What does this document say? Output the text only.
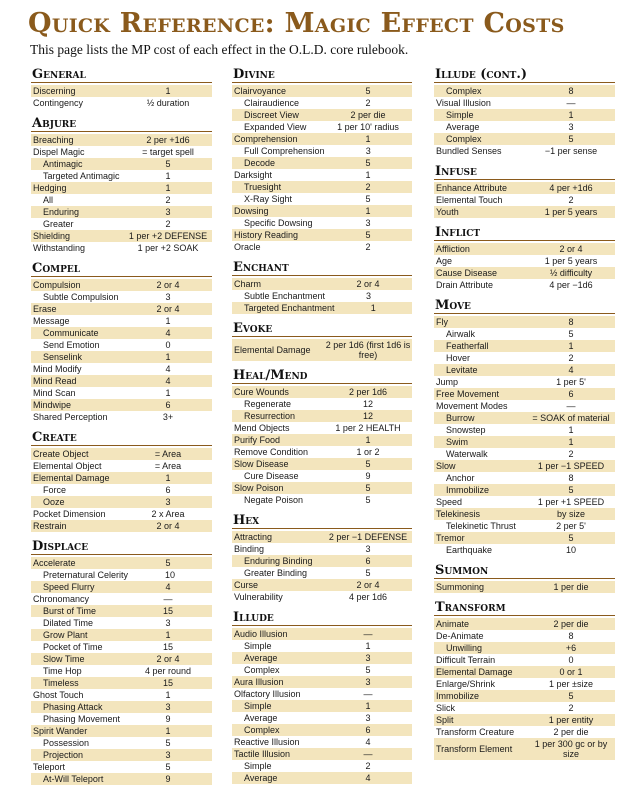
Quick Reference: Magic Effect Costs

This page lists the MP cost of each effect in the O.L.D. core rulebook.

General
Discerning	1
Contingency	½ duration
Abjure
Breaching	2 per +1d6
Dispel Magic	= target spell
Antimagic	5
Targeted Antimagic	1
Hedging	1
All	2
Enduring	3
Greater	2
Shielding	1 per +2 DEFENSE
Withstanding	1 per +2 SOAK
Compel
Compulsion	2 or 4
Subtle Compulsion	3
Erase	2 or 4
Message	1
Communicate	4
Send Emotion	0
Senselink	1
Mind Modify	4
Mind Read	4
Mind Scan	1
Mindwipe	6
Shared Perception	3+
Create
Create Object	= Area
Elemental Object	= Area
Elemental Damage	1
Force	6
Ooze	3
Pocket Dimension	2 x Area
Restrain	2 or 4
Displace
Accelerate	5
Preternatural Celerity	10
Speed Flurry	4
Chronomancy	—
Burst of Time	15
Dilated Time	3
Grow Plant	1
Pocket of Time	15
Slow Time	2 or 4
Time Hop	4 per round
Timeless	15
Ghost Touch	1
Phasing Attack	3
Phasing Movement	9
Spirit Wander	1
Possession	5
Projection	3
Teleport	5
At-Will Teleport	9
Divine
Clairvoyance	5
Clairaudience	2
Discreet View	2 per die
Expanded View	1 per 10' radius
Comprehension	1
Full Comprehension	3
Decode	5
Darksight	1
Truesight	2
X-Ray Sight	5
Dowsing	1
Specific Dowsing	3
History Reading	5
Oracle	2
Enchant
Charm	2 or 4
Subtle Enchantment	3
Targeted Enchantment	1
Evoke
Elemental Damage 2 per 1d6 (first 1d6 is free)
Heal/Mend
Cure Wounds	2 per 1d6
Regenerate	12
Resurrection	12
Mend Objects	1 per 2 HEALTH
Purify Food	1
Remove Condition	1 or 2
Slow Disease	5
Cure Disease	9
Slow Poison	5
Negate Poison	5
Hex
Attracting	2 per −1 DEFENSE
Binding	3
Enduring Binding	6
Greater Binding	5
Curse	2 or 4
Vulnerability	4 per 1d6
Illude
Audio Illusion	—
Simple	1
Average	3
Complex	5
Aura Illusion	3
Olfactory Illusion	—
Simple	1
Average	3
Complex	6
Reactive Illusion	4
Tactile Illusion	—
Simple	2
Average	4
Illude (cont.)
Complex	8
Visual Illusion	—
Simple	1
Average	3
Complex	5
Bundled Senses	−1 per sense
Infuse
Enhance Attribute	4 per +1d6
Elemental Touch	2
Youth	1 per 5 years
Inflict
Affliction	2 or 4
Age	1 per 5 years
Cause Disease	½ difficulty
Drain Attribute	4 per −1d6
Move
Fly	8
Airwalk	5
Featherfall	1
Hover	2
Levitate	4
Jump	1 per 5'
Free Movement	6
Movement Modes	—
Burrow	= SOAK of material
Snowstep	1
Swim	1
Waterwalk	2
Slow	1 per −1 SPEED
Anchor	8
Immobilize	5
Speed	1 per +1 SPEED
Telekinesis	by size
Telekinetic Thrust	2 per 5'
Tremor	5
Earthquake	10
Summon
Summoning	1 per die
Transform
Animate	2 per die
De-Animate	8
Unwilling	+6
Difficult Terrain	0
Elemental Damage	0 or 1
Enlarge/Shrink	1 per ±size
Immobilize	5
Slick	2
Split	1 per entity
Transform Creature	2 per die
Transform Element	1 per 300 gc or by size
